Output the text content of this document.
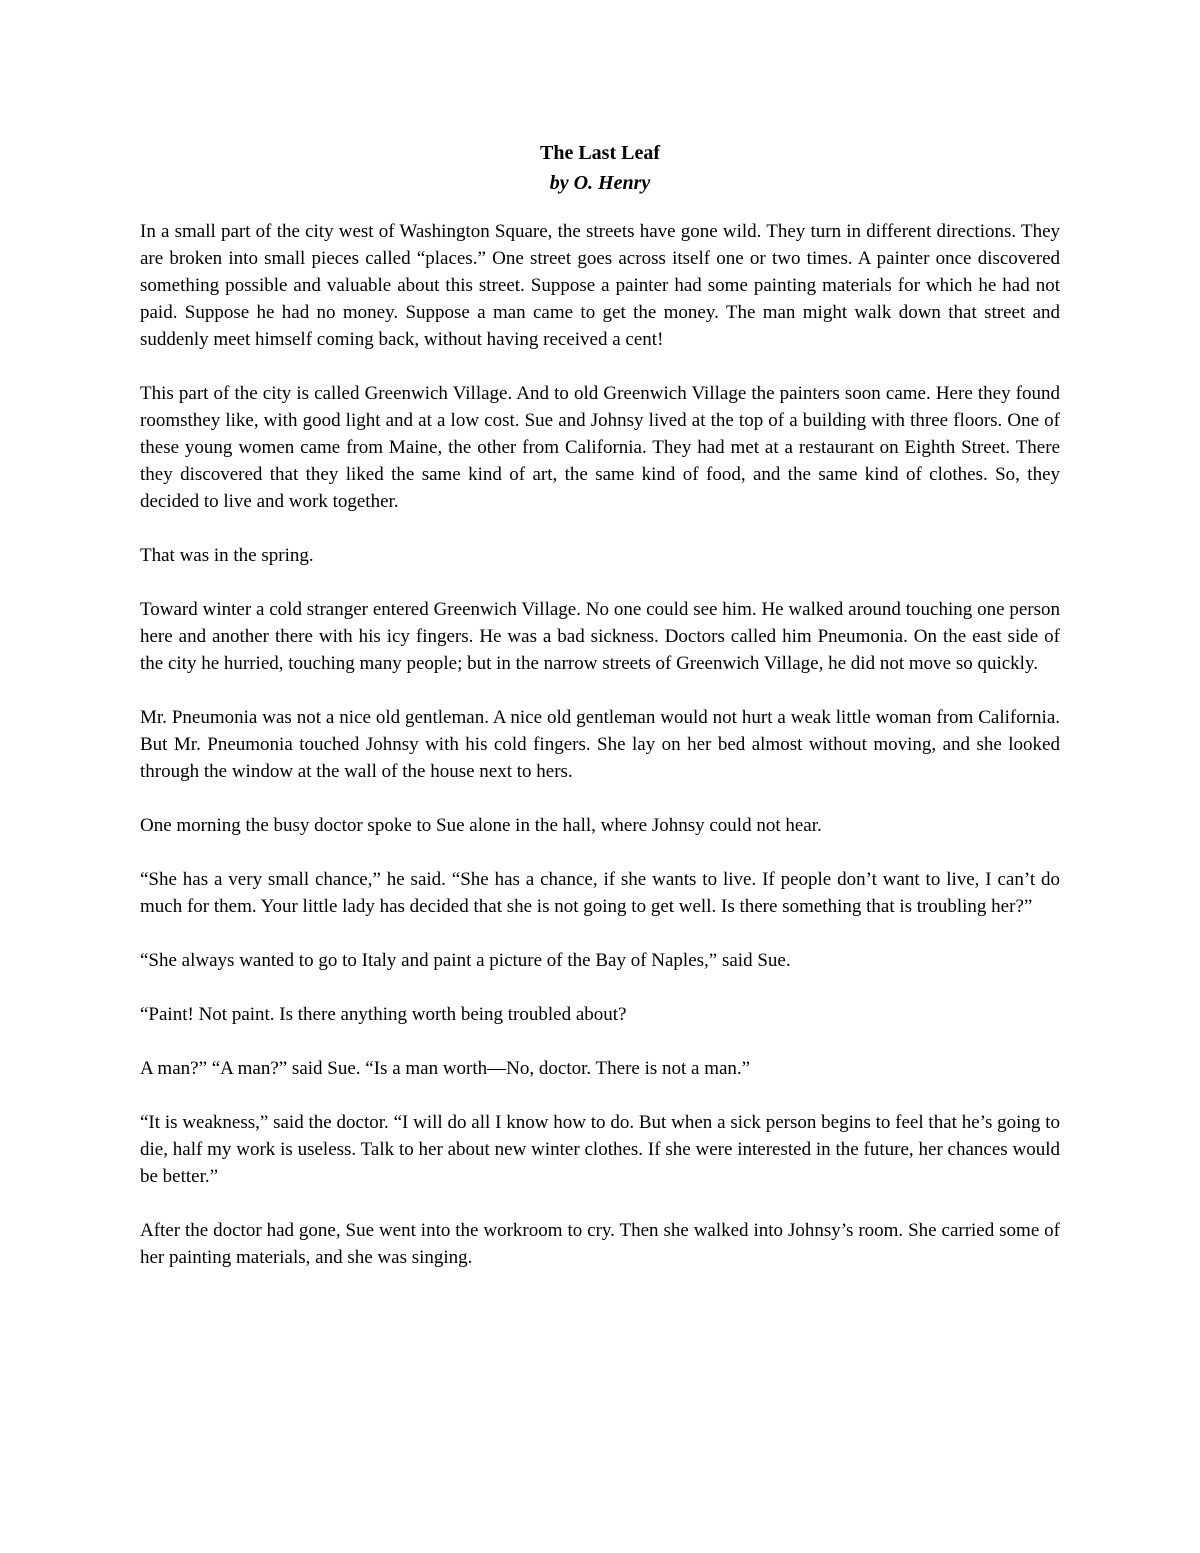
The Last Leaf
by O. Henry

In a small part of the city west of Washington Square, the streets have gone wild. They turn in different directions. They are broken into small pieces called “places.” One street goes across itself one or two times. A painter once discovered something possible and valuable about this street. Suppose a painter had some painting materials for which he had not paid. Suppose he had no money. Suppose a man came to get the money. The man might walk down that street and suddenly meet himself coming back, without having received a cent!

This part of the city is called Greenwich Village. And to old Greenwich Village the painters soon came. Here they found roomsthey like, with good light and at a low cost. Sue and Johnsy lived at the top of a building with three floors. One of these young women came from Maine, the other from California. They had met at a restaurant on Eighth Street. There they discovered that they liked the same kind of art, the same kind of food, and the same kind of clothes. So, they decided to live and work together.

That was in the spring.

Toward winter a cold stranger entered Greenwich Village. No one could see him. He walked around touching one person here and another there with his icy fingers. He was a bad sickness. Doctors called him Pneumonia. On the east side of the city he hurried, touching many people; but in the narrow streets of Greenwich Village, he did not move so quickly.

Mr. Pneumonia was not a nice old gentleman. A nice old gentleman would not hurt a weak little woman from California. But Mr. Pneumonia touched Johnsy with his cold fingers. She lay on her bed almost without moving, and she looked through the window at the wall of the house next to hers.

One morning the busy doctor spoke to Sue alone in the hall, where Johnsy could not hear.

“She has a very small chance,” he said. “She has a chance, if she wants to live. If people don’t want to live, I can’t do much for them. Your little lady has decided that she is not going to get well. Is there something that is troubling her?”

“She always wanted to go to Italy and paint a picture of the Bay of Naples,” said Sue.

“Paint! Not paint. Is there anything worth being troubled about?

A man?” “A man?” said Sue. “Is a man worth—No, doctor. There is not a man.”

“It is weakness,” said the doctor. “I will do all I know how to do. But when a sick person begins to feel that he’s going to die, half my work is useless. Talk to her about new winter clothes. If she were interested in the future, her chances would be better.”

After the doctor had gone, Sue went into the workroom to cry. Then she walked into Johnsy’s room. She carried some of her painting materials, and she was singing.
